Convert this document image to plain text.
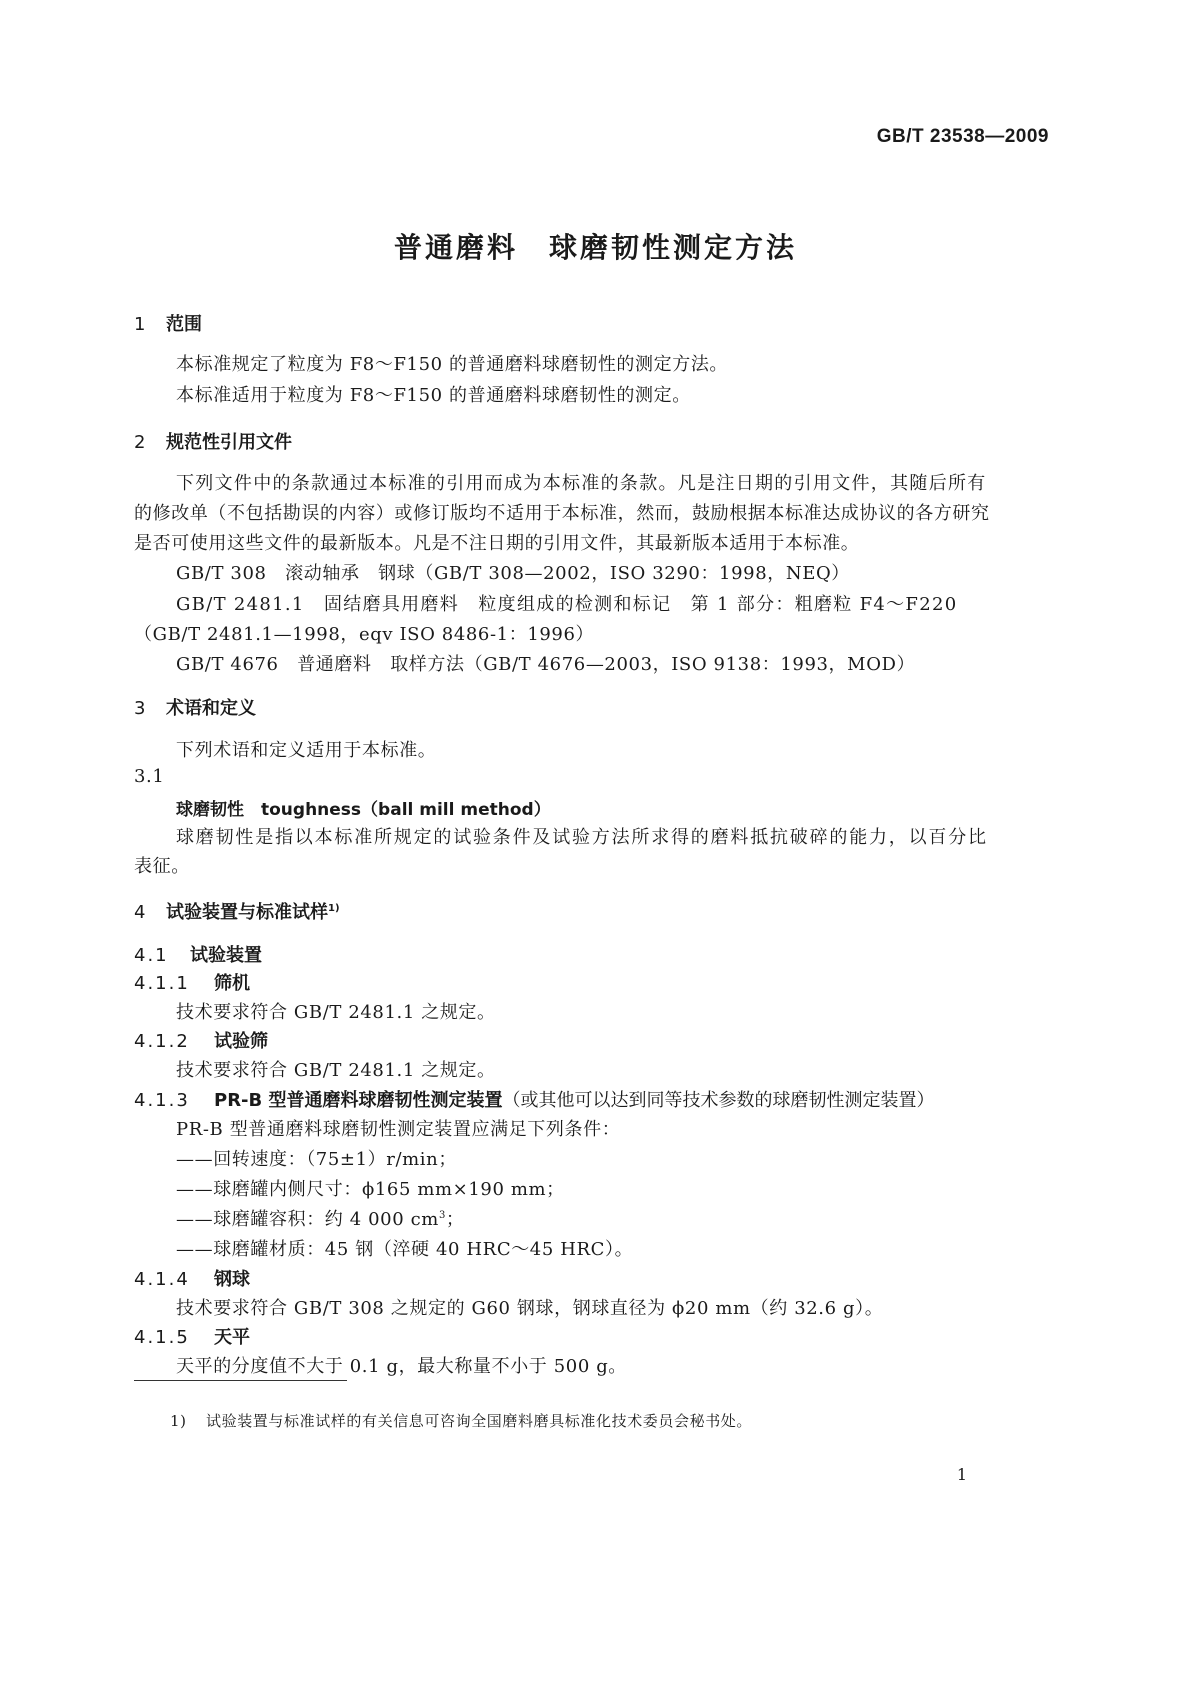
GB/T 23538—2009
普通磨料　球磨韧性测定方法
1 范围
本标准规定了粒度为 F8～F150 的普通磨料球磨韧性的测定方法。
本标准适用于粒度为 F8～F150 的普通磨料球磨韧性的测定。
2 规范性引用文件
下列文件中的条款通过本标准的引用而成为本标准的条款。凡是注日期的引用文件，其随后所有
的修改单（不包括勘误的内容）或修订版均不适用于本标准，然而，鼓励根据本标准达成协议的各方研究
是否可使用这些文件的最新版本。凡是不注日期的引用文件，其最新版本适用于本标准。
GB/T 308　滚动轴承　钢球（GB/T 308—2002，ISO 3290：1998，NEQ）
GB/T 2481.1　固结磨具用磨料　粒度组成的检测和标记　第 1 部分：粗磨粒 F4～F220
（GB/T 2481.1—1998，eqv ISO 8486-1：1996）
GB/T 4676　普通磨料　取样方法（GB/T 4676—2003，ISO 9138：1993，MOD）
3 术语和定义
下列术语和定义适用于本标准。
3.1
球磨韧性　toughness（ball mill method）
球磨韧性是指以本标准所规定的试验条件及试验方法所求得的磨料抵抗破碎的能力，以百分比
表征。
4 试验装置与标准试样$^{1)}$
4.1 试验装置
4.1.1 筛机
技术要求符合 GB/T 2481.1 之规定。
4.1.2 试验筛
技术要求符合 GB/T 2481.1 之规定。
4.1.3 PR-B 型普通磨料球磨韧性测定装置（或其他可以达到同等技术参数的球磨韧性测定装置）
PR-B 型普通磨料球磨韧性测定装置应满足下列条件：
——回转速度：（75±1）r/min；
——球磨罐内侧尺寸：ϕ165 mm×190 mm；
——球磨罐容积：约 4 000 $cm^3$；
——球磨罐材质：45 钢（淬硬 40 HRC～45 HRC）。
4.1.4 钢球
技术要求符合 GB/T 308 之规定的 G60 钢球，钢球直径为 ϕ20 mm（约 32.6 g）。
4.1.5 天平
天平的分度值不大于 0.1 g，最大称量不小于 500 g。
1) 试验装置与标准试样的有关信息可咨询全国磨料磨具标准化技术委员会秘书处。
1
